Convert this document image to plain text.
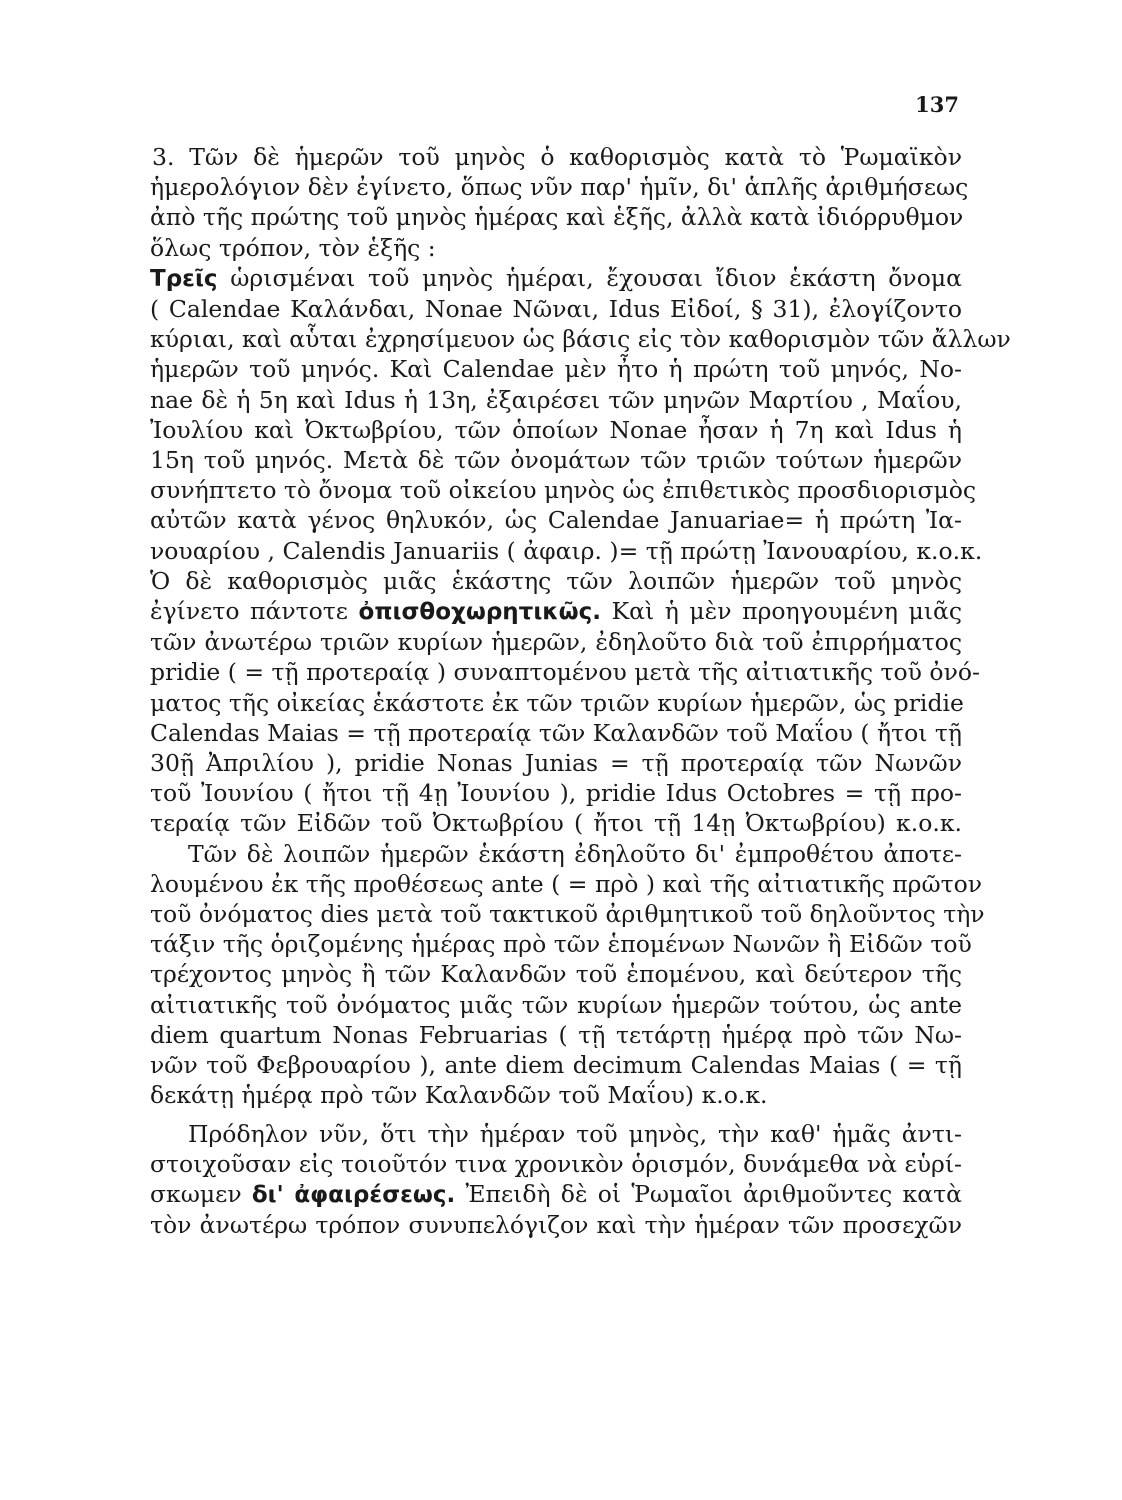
137

3. Τῶν δὲ ἡμερῶν τοῦ μηνὸς ὁ καθορισμὸς κατὰ τὸ Ῥωμαϊκὸν
ἡμερολόγιον δὲν ἐγίνετο, ὅπως νῦν παρ' ἡμῖν, δι' ἁπλῆς ἀριθμήσεως
ἀπὸ τῆς πρώτης τοῦ μηνὸς ἡμέρας καὶ ἑξῆς, ἀλλὰ κατὰ ἰδιόρρυθμον
ὅλως τρόπον, τὸν ἑξῆς :

Τρεῖς ὡρισμέναι τοῦ μηνὸς ἡμέραι, ἔχουσαι ἴδιον ἑκάστη ὄνομα
( Calendae Καλάνδαι, Nonae Νῶναι, Idus Εἰδοί, § 31), ἐλογίζοντο
κύριαι, καὶ αὗται ἐχρησίμευον ὡς βάσις εἰς τὸν καθορισμὸν τῶν ἄλλων
ἡμερῶν τοῦ μηνός. Καὶ Calendae μὲν ἦτο ἡ πρώτη τοῦ μηνός, No-
nae δὲ ἡ 5η καὶ Idus ἡ 13η, ἐξαιρέσει τῶν μηνῶν Μαρτίου , Μαΐου,
Ἰουλίου καὶ Ὀκτωβρίου, τῶν ὁποίων Nonae ἦσαν ἡ 7η καὶ Idus ἡ
15η τοῦ μηνός. Μετὰ δὲ τῶν ὀνομάτων τῶν τριῶν τούτων ἡμερῶν
συνήπτετο τὸ ὄνομα τοῦ οἰκείου μηνὸς ὡς ἐπιθετικὸς προσδιορισμὸς
αὐτῶν κατὰ γένος θηλυκόν, ὡς Calendae Januariae= ἡ πρώτη Ἰα-
νουαρίου , Calendis Januariis ( ἀφαιρ. )= τῇ πρώτῃ Ἰανουαρίου, κ.ο.κ.

Ὁ δὲ καθορισμὸς μιᾶς ἑκάστης τῶν λοιπῶν ἡμερῶν τοῦ μηνὸς
ἐγίνετο πάντοτε ὀπισθοχωρητικῶς. Καὶ ἡ μὲν προηγουμένη μιᾶς
τῶν ἀνωτέρω τριῶν κυρίων ἡμερῶν, ἐδηλοῦτο διὰ τοῦ ἐπιρρήματος
pridie ( = τῇ προτεραίᾳ ) συναπτομένου μετὰ τῆς αἰτιατικῆς τοῦ ὀνό-
ματος τῆς οἰκείας ἑκάστοτε ἐκ τῶν τριῶν κυρίων ἡμερῶν, ὡς pridie
Calendas Maias = τῇ προτεραίᾳ τῶν Καλανδῶν τοῦ Μαΐου ( ἤτοι τῇ
30ῇ Ἀπριλίου ), pridie Nonas Junias = τῇ προτεραίᾳ τῶν Νωνῶν
τοῦ Ἰουνίου ( ἤτοι τῇ 4ῃ Ἰουνίου ), pridie Idus Octobres = τῇ προ-
τεραίᾳ τῶν Εἰδῶν τοῦ Ὀκτωβρίου ( ἤτοι τῇ 14ῃ Ὀκτωβρίου) κ.ο.κ.

Τῶν δὲ λοιπῶν ἡμερῶν ἑκάστη ἐδηλοῦτο δι' ἐμπροθέτου ἀποτε-
λουμένου ἐκ τῆς προθέσεως ante ( = πρὸ ) καὶ τῆς αἰτιατικῆς πρῶτον
τοῦ ὀνόματος dies μετὰ τοῦ τακτικοῦ ἀριθμητικοῦ τοῦ δηλοῦντος τὴν
τάξιν τῆς ὁριζομένης ἡμέρας πρὸ τῶν ἑπομένων Νωνῶν ἢ Εἰδῶν τοῦ
τρέχοντος μηνὸς ἢ τῶν Καλανδῶν τοῦ ἑπομένου, καὶ δεύτερον τῆς
αἰτιατικῆς τοῦ ὀνόματος μιᾶς τῶν κυρίων ἡμερῶν τούτου, ὡς ante
diem quartum Nonas Februarias ( τῇ τετάρτῃ ἡμέρᾳ πρὸ τῶν Νω-
νῶν τοῦ Φεβρουαρίου ), ante diem decimum Calendas Maias ( = τῇ
δεκάτῃ ἡμέρᾳ πρὸ τῶν Καλανδῶν τοῦ Μαΐου) κ.ο.κ.

Πρόδηλον νῦν, ὅτι τὴν ἡμέραν τοῦ μηνὸς, τὴν καθ' ἡμᾶς ἀντι-
στοιχοῦσαν εἰς τοιοῦτόν τινα χρονικὸν ὁρισμόν, δυνάμεθα νὰ εὑρί-
σκωμεν δι' ἀφαιρέσεως. Ἐπειδὴ δὲ οἱ Ῥωμαῖοι ἀριθμοῦντες κατὰ
τὸν ἀνωτέρω τρόπον συνυπελόγιζον καὶ τὴν ἡμέραν τῶν προσεχῶν
